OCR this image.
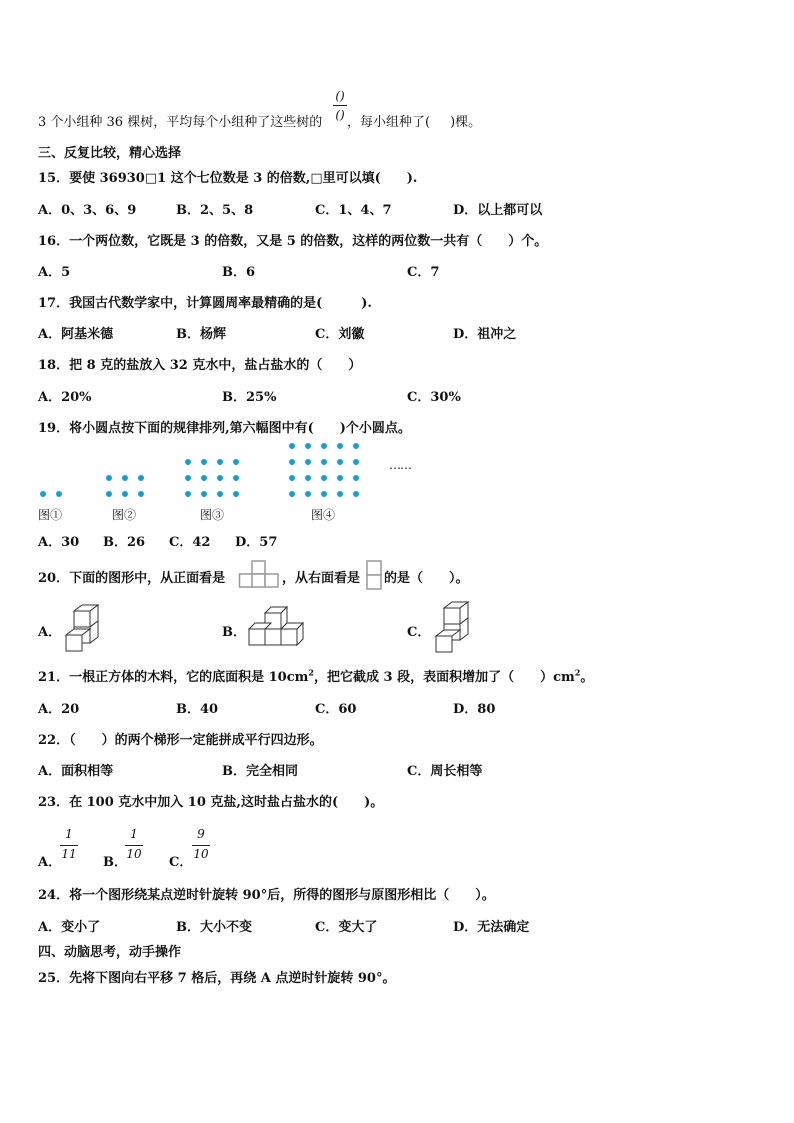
3 个小组种 36 棵树，平均每个小组种了这些树的
()
() ，每小组种了( )棵。
三、反复比较，精心选择
15．要使 36930□1 这个七位数是 3 的倍数,□里可以填(　　).
A．0、3、6、9	B．2、5、8	C．1、4、7	D．以上都可以
16．一个两位数，它既是 3 的倍数，又是 5 的倍数，这样的两位数一共有（　　）个。
A．5	B．6	C．7
17．我国古代数学家中，计算圆周率最精确的是(　　　).
A．阿基米德	B．杨辉	C．刘徽	D．祖冲之
18．把 8 克的盐放入 32 克水中，盐占盐水的（　　）
A．20%	B．25%	C．30%
19．将小圆点按下面的规律排列,第六幅图中有(　　)个小圆点。
……
图①	图②	图③	图④
A．30 B．26 C．42 D．57
20．下面的图形中，从正面看是	，从右面看是 的是（　　）。
A．	B．	C．
21．一根正方体的木料，它的底面积是 $10cm^2$，把它截成 3 段，表面积增加了（　　）$cm^2$。
A．20	B．40	C．60	D．80
22．（　　）的两个梯形一定能拼成平行四边形。
A．面积相等	B．完全相同	C．周长相等
23．在 100 克水中加入 10 克盐,这时盐占盐水的(　　)。
A．
1
11
B．
1
10
C．
9
10
24．将一个图形绕某点逆时针旋转 90°后，所得的图形与原图形相比（　　）。
A．变小了	B．大小不变	C．变大了	D．无法确定
四、动脑思考，动手操作
25．先将下图向右平移 7 格后，再绕 A 点逆时针旋转 90°。
